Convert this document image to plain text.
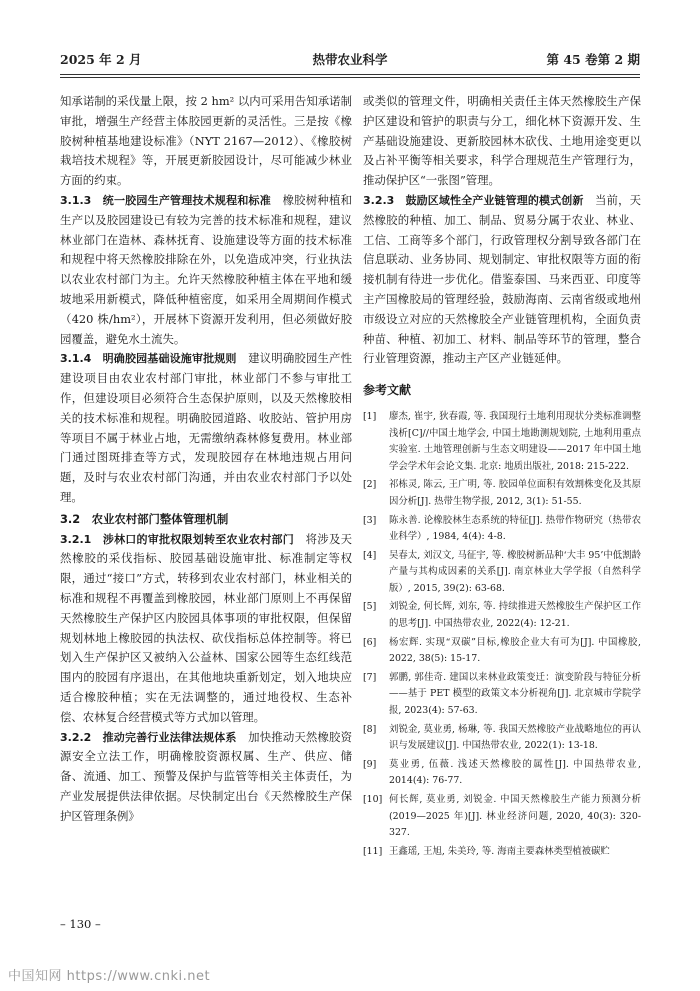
2025 年 2 月	热带农业科学	第 45 卷第 2 期

知承诺制的采伐量上限，按 2 hm² 以内可采用告知承诺制审批，增强生产经营主体胶园更新的灵活性。三是按《橡胶树种植基地建设标准》（NYT 2167—2012）、《橡胶树栽培技术规程》等，开展更新胶园设计，尽可能减少林业方面的约束。

3.1.3　统一胶园生产管理技术规程和标准　橡胶树种植和生产以及胶园建设已有较为完善的技术标准和规程，建议林业部门在造林、森林抚育、设施建设等方面的技术标准和规程中将天然橡胶排除在外，以免造成冲突，行业执法以农业农村部门为主。允许天然橡胶种植主体在平地和缓坡地采用新模式，降低种植密度，如采用全周期间作模式（420 株/hm²），开展林下资源开发利用，但必须做好胶园覆盖，避免水土流失。

3.1.4　明确胶园基础设施审批规则　建议明确胶园生产性建设项目由农业农村部门审批，林业部门不参与审批工作，但建设项目必须符合生态保护原则，以及天然橡胶相关的技术标准和规程。明确胶园道路、收胶站、管护用房等项目不属于林业占地，无需缴纳森林修复费用。林业部门通过图斑排查等方式，发现胶园存在林地违规占用问题，及时与农业农村部门沟通，并由农业农村部门予以处理。

3.2　农业农村部门整体管理机制

3.2.1　涉林口的审批权限划转至农业农村部门　将涉及天然橡胶的采伐指标、胶园基础设施审批、标准制定等权限，通过“接口”方式，转移到农业农村部门，林业相关的标准和规程不再覆盖到橡胶园，林业部门原则上不再保留天然橡胶生产保护区内胶园具体事项的审批权限，但保留规划林地上橡胶园的执法权、砍伐指标总体控制等。将已划入生产保护区又被纳入公益林、国家公园等生态红线范围内的胶园有序退出，在其他地块重新划定，划入地块应适合橡胶种植；实在无法调整的，通过地役权、生态补偿、农林复合经营模式等方式加以管理。

3.2.2　推动完善行业法律法规体系　加快推动天然橡胶资源安全立法工作，明确橡胶资源权属、生产、供应、储备、流通、加工、预警及保护与监管等相关主体责任，为产业发展提供法律依据。尽快制定出台《天然橡胶生产保护区管理条例》

或类似的管理文件，明确相关责任主体天然橡胶生产保护区建设和管护的职责与分工，细化林下资源开发、生产基础设施建设、更新胶园林木砍伐、土地用途变更以及占补平衡等相关要求，科学合理规范生产管理行为，推动保护区“一张图”管理。

3.2.3　鼓励区域性全产业链管理的模式创新　当前，天然橡胶的种植、加工、制品、贸易分属于农业、林业、工信、工商等多个部门，行政管理权分割导致各部门在信息联动、业务协同、规划制定、审批权限等方面的衔接机制有待进一步优化。借鉴泰国、马来西亚、印度等主产国橡胶局的管理经验，鼓励海南、云南省级或地州市级设立对应的天然橡胶全产业链管理机构，全面负责种苗、种植、初加工、材料、制品等环节的管理，整合行业管理资源，推动主产区产业链延伸。

参考文献

[1]	廖杰, 崔宇, 狄春霞, 等. 我国现行土地利用现状分类标准调整浅析[C]//中国土地学会, 中国土地勘测规划院, 土地利用重点实验室. 土地管理创新与生态文明建设——2017 年中国土地学会学术年会论文集. 北京: 地质出版社, 2018: 215-222.
[2]	祁栋灵, 陈云, 王广明, 等. 胶园单位面积有效割株变化及其原因分析[J]. 热带生物学报, 2012, 3(1): 51-55.
[3]	陈永善. 论橡胶林生态系统的特征[J]. 热带作物研究（热带农业科学）, 1984, 4(4): 4-8.
[4]	吴春太, 刘汉文, 马征宇, 等. 橡胶树新品种‘大丰 95’中低割龄产量与其构成因素的关系[J]. 南京林业大学学报（自然科学版）, 2015, 39(2): 63-68.
[5]	刘锐金, 何长辉, 刘东, 等. 持续推进天然橡胶生产保护区工作的思考[J]. 中国热带农业, 2022(4): 12-21.
[6]	杨宏辉. 实现“双碳”目标,橡胶企业大有可为[J]. 中国橡胶, 2022, 38(5): 15-17.
[7]	郭鹏, 郭佳奇. 建国以来林业政策变迁：演变阶段与特征分析——基于 PET 模型的政策文本分析视角[J]. 北京城市学院学报, 2023(4): 57-63.
[8]	刘锐金, 莫业勇, 杨琳, 等. 我国天然橡胶产业战略地位的再认识与发展建议[J]. 中国热带农业, 2022(1): 13-18.
[9]	莫业勇, 伍薇. 浅述天然橡胶的属性[J]. 中国热带农业, 2014(4): 76-77.
[10] 何长辉, 莫业勇, 刘锐金. 中国天然橡胶生产能力预测分析(2019—2025 年)[J]. 林业经济问题, 2020, 40(3): 320-327.
[11] 王鑫瑶, 王旭, 朱美玲, 等. 海南主要森林类型植被碳贮
– 130 –
中国知网 https://www.cnki.net
